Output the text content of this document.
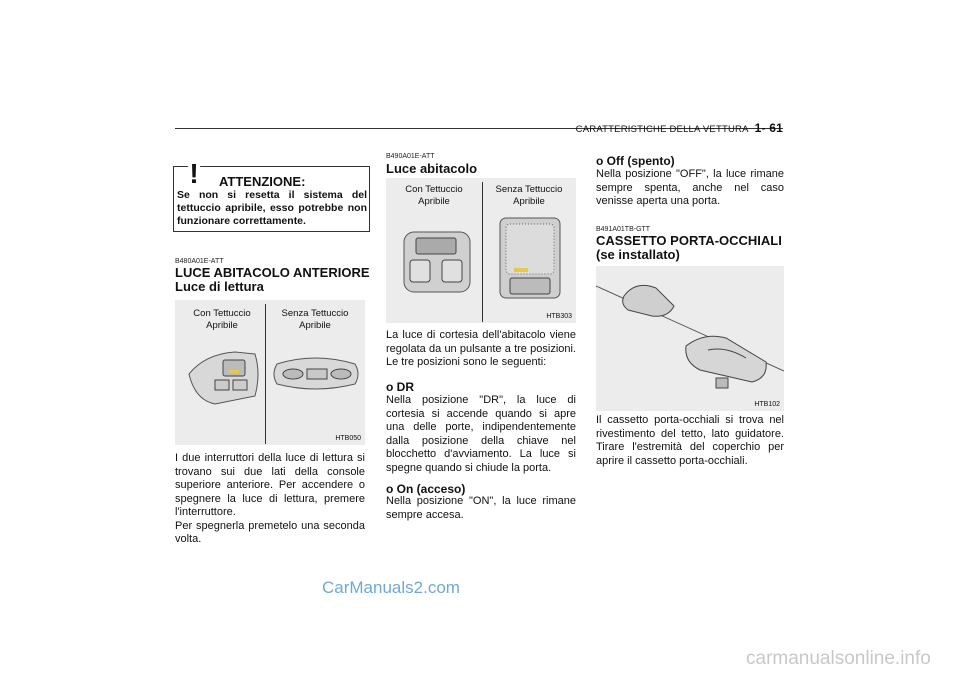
CARATTERISTICHE DELLA VETTURA 1- 61
! ATTENZIONE:
Se non si resetta il sistema del tettuccio apribile, esso potrebbe non funzionare correttamente.
B480A01E-ATT
LUCE ABITACOLO ANTERIORE
Luce di lettura
Con Tettuccio Apribile
Senza Tettuccio Apribile
HTB050
I due interruttori della luce di lettura si trovano sui due lati della console superiore anteriore. Per accendere o spegnere la luce di lettura, premere l'interruttore.
Per spegnerla premetelo una seconda volta.
B490A01E-ATT
Luce abitacolo
Con Tettuccio Apribile
Senza Tettuccio Apribile
HTB303
La luce di cortesia dell'abitacolo viene regolata da un pulsante a tre posizioni. Le tre posizioni sono le seguenti:
o DR
Nella posizione "DR", la luce di cortesia si accende quando si apre una delle porte, indipendentemente dalla posizione della chiave nel blocchetto d'avviamento. La luce si spegne quando si chiude la porta.
o On (acceso)
Nella posizione "ON", la luce rimane sempre accesa.
o Off (spento)
Nella posizione "OFF", la luce rimane sempre spenta, anche nel caso venisse aperta una porta.
B491A01TB-GTT
CASSETTO PORTA-OCCHIALI (se installato)
HTB102
Il cassetto porta-occhiali si trova nel rivestimento del tetto, lato guidatore. Tirare l'estremità del coperchio per aprire il cassetto porta-occhiali.
CarManuals2.com
carmanualsonline.info
